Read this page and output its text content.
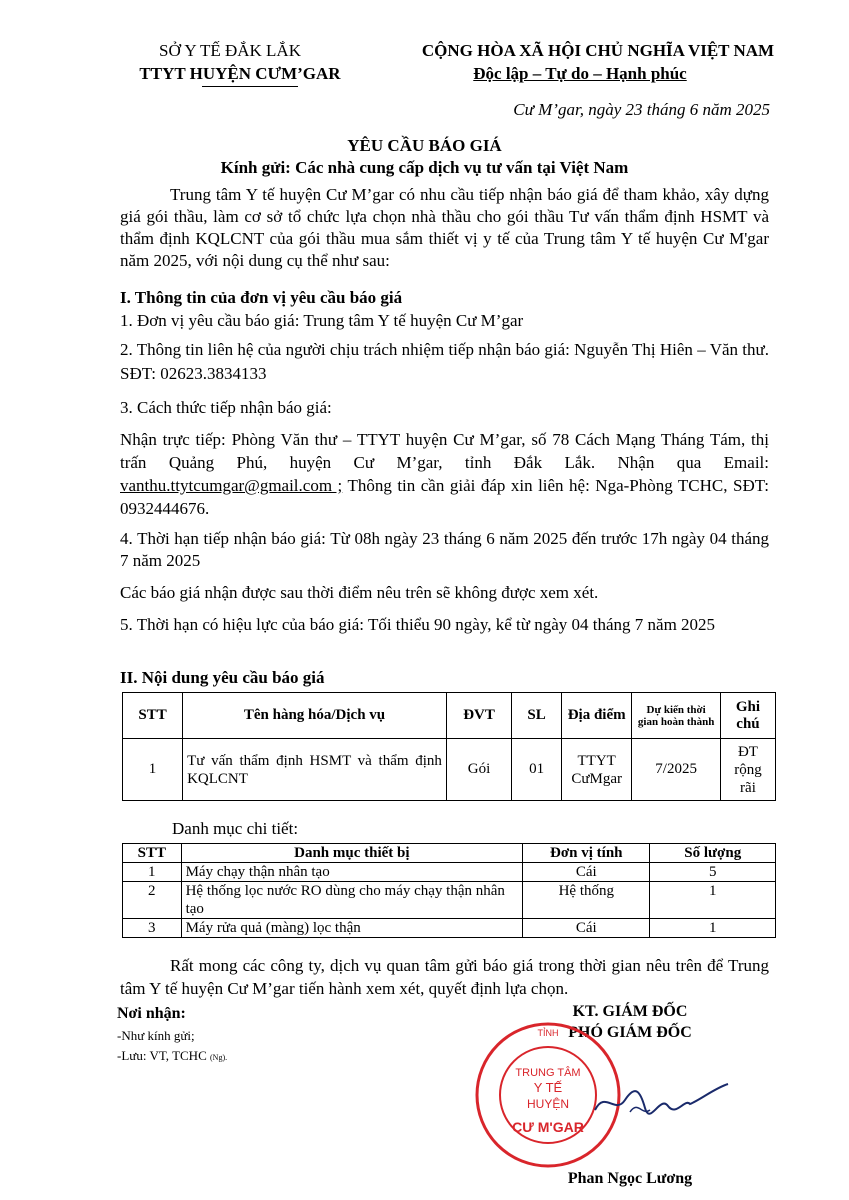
SỞ Y TẾ ĐẮK LẮK
TTYT HUYỆN CƯM’GAR
CỘNG HÒA XÃ HỘI CHỦ NGHĨA VIỆT NAM
Độc lập – Tự do – Hạnh phúc
Cư M’gar, ngày 23 tháng 6 năm 2025
YÊU CẦU BÁO GIÁ
Kính gửi: Các nhà cung cấp dịch vụ tư vấn tại Việt Nam
Trung tâm Y tế huyện Cư M’gar có nhu cầu tiếp nhận báo giá để tham khảo, xây dựng giá gói thầu, làm cơ sở tổ chức lựa chọn nhà thầu cho gói thầu Tư vấn thẩm định HSMT và thẩm định KQLCNT của gói thầu mua sắm thiết vị y tế của Trung tâm Y tế huyện Cư M'gar năm 2025, với nội dung cụ thể như sau:
I. Thông tin của đơn vị yêu cầu báo giá
1. Đơn vị yêu cầu báo giá: Trung tâm Y tế huyện Cư M’gar
2. Thông tin liên hệ của người chịu trách nhiệm tiếp nhận báo giá: Nguyễn Thị Hiên – Văn thư. SĐT: 02623.3834133
3. Cách thức tiếp nhận báo giá:
Nhận trực tiếp: Phòng Văn thư – TTYT huyện Cư M’gar, số 78 Cách Mạng Tháng Tám, thị trấn Quảng Phú, huyện Cư M’gar, tỉnh Đắk Lắk. Nhận qua Email: vanthu.ttytcumgar@gmail.com ; Thông tin cần giải đáp xin liên hệ: Nga-Phòng TCHC, SĐT: 0932444676.
4. Thời hạn tiếp nhận báo giá: Từ 08h ngày 23 tháng 6 năm 2025 đến trước 17h ngày 04 tháng 7 năm 2025
Các báo giá nhận được sau thời điểm nêu trên sẽ không được xem xét.
5. Thời hạn có hiệu lực của báo giá: Tối thiểu 90 ngày, kể từ ngày 04 tháng 7 năm 2025
II. Nội dung yêu cầu báo giá
STT	Tên hàng hóa/Dịch vụ	ĐVT	SL	Địa điểm	Dự kiến thời gian hoàn thành	Ghi chú
1	Tư vấn thẩm định HSMT và thẩm định KQLCNT	Gói	01	TTYT CưMgar	7/2025	ĐT rộng rãi
Danh mục chi tiết:
STT	Danh mục thiết bị	Đơn vị tính	Số lượng
1	Máy chạy thận nhân tạo	Cái	5
2	Hệ thống lọc nước RO dùng cho máy chạy thận nhân tạo	Hệ thống	1
3	Máy rửa quả (màng) lọc thận	Cái	1
Rất mong các công ty, dịch vụ quan tâm gửi báo giá trong thời gian nêu trên để Trung tâm Y tế huyện Cư M’gar tiến hành xem xét, quyết định lựa chọn.
Nơi nhận:
-Như kính gửi;
-Lưu: VT, TCHC (Ng).
KT. GIÁM ĐỐC
PHÓ GIÁM ĐỐC
TỈNH
TRUNG TÂM
Y TẾ
HUYỆN
CƯ M'GAR
Phan Ngọc Lương
